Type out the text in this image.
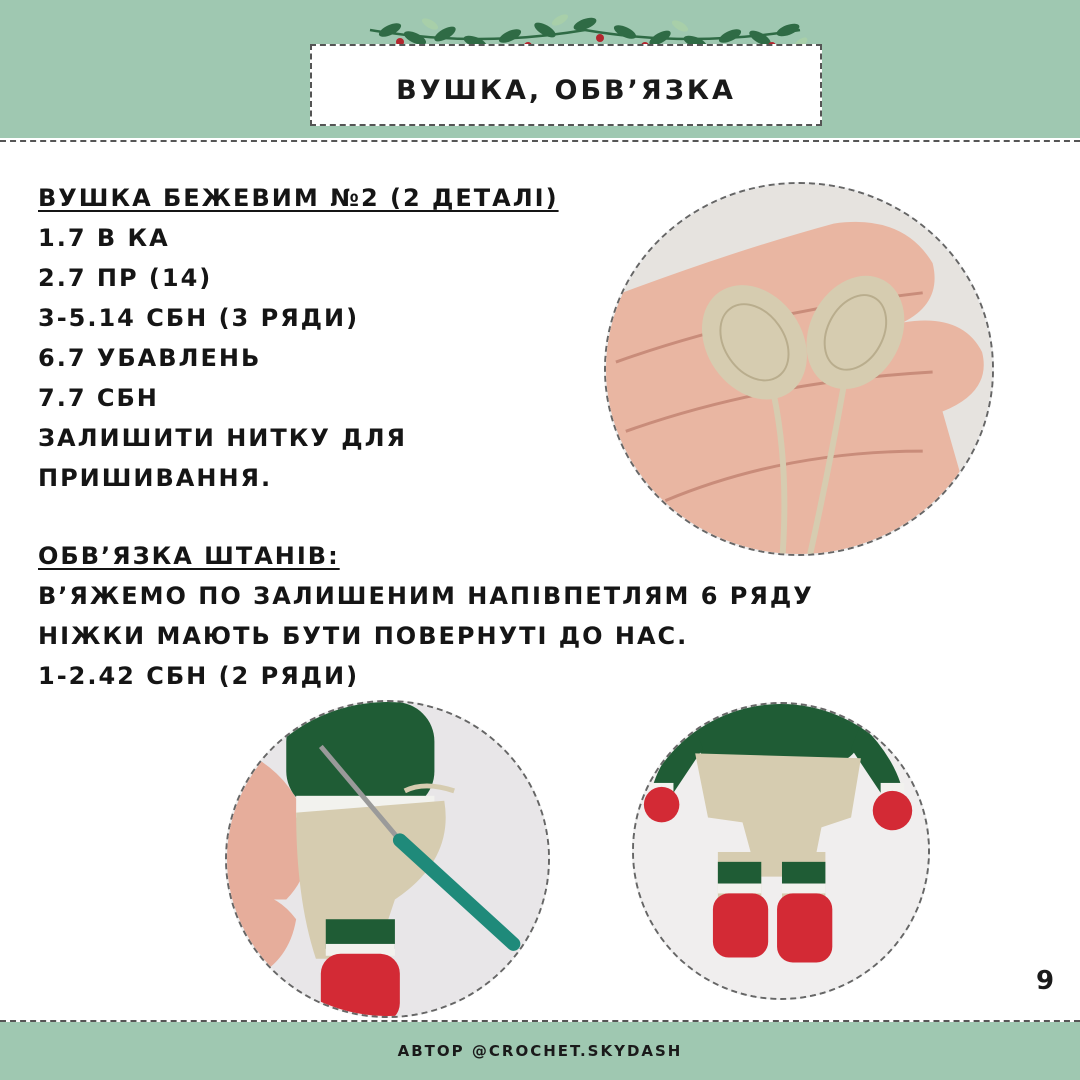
ВУШКА, ОБВ’ЯЗКА
ВУШКА БЕЖЕВИМ №2 (2 ДЕТАЛІ)
1.7 В КА
2.7 ПР (14)
3-5.14 СБН (3 РЯДИ)
6.7 УБАВЛЕНЬ
7.7 СБН
ЗАЛИШИТИ НИТКУ ДЛЯ
ПРИШИВАННЯ.
ОБВ’ЯЗКА ШТАНІВ:
В’ЯЖЕМО ПО ЗАЛИШЕНИМ НАПІВПЕТЛЯМ 6 РЯДУ
НІЖКИ МАЮТЬ БУТИ ПОВЕРНУТІ ДО НАС.
1-2.42 СБН (2 РЯДИ)
9
АВТОР @CROCHET.SKYDASH
